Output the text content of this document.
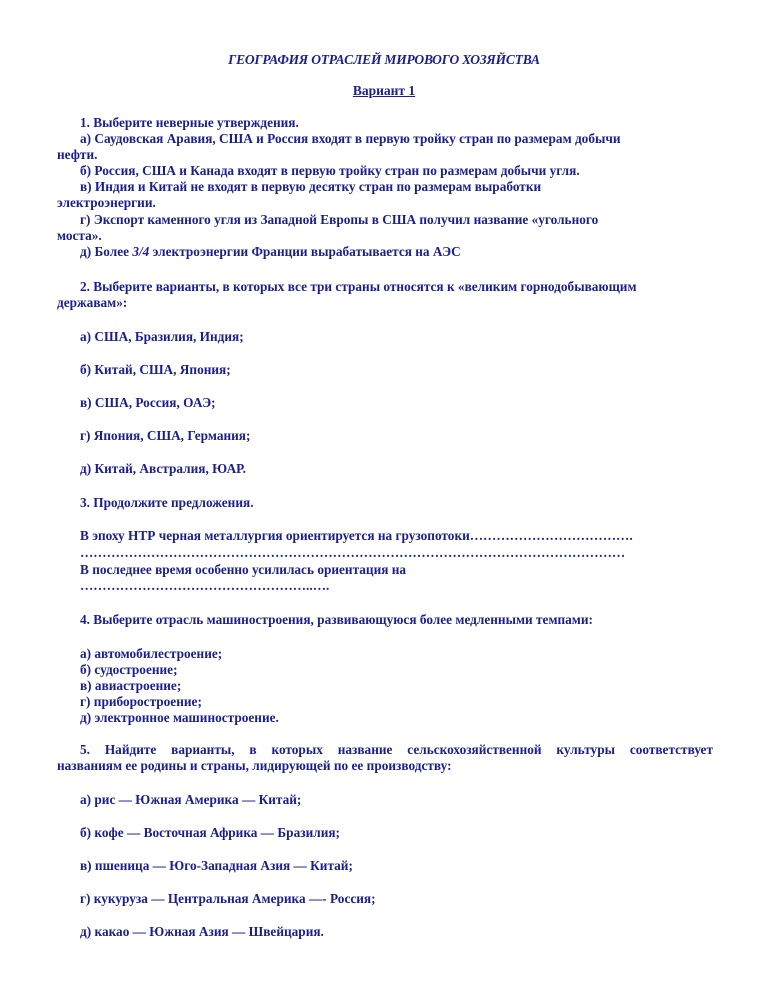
ГЕОГРАФИЯ ОТРАСЛЕЙ МИРОВОГО ХОЗЯЙСТВА
Вариант 1
1. Выберите неверные утверждения.
а) Саудовская Аравия, США и Россия входят в первую тройку стран по размерам добычи
нефти.
б) Россия, США и Канада входят в первую тройку стран по размерам добычи угля.
в) Индия и Китай не входят в первую десятку стран по размерам выработки
электроэнергии.
г) Экспорт каменного угля из Западной Европы в США получил название «угольного
моста».
д) Более 3/4 электроэнергии Франции вырабатывается на АЭС
2. Выберите варианты, в которых все три страны относятся к «великим горнодобывающим
державам»:
а) США, Бразилия, Индия;
б) Китай, США, Япония;
в) США, Россия, ОАЭ;
г) Япония, США, Германия;
д) Китай, Австралия, ЮАР.
3. Продолжите предложения.
В эпоху НТР черная металлургия ориентируется на грузопотоки……………………………….
……………………………………………………………………………………………………………
В последнее время особенно усилилась ориентация на
……………………………………………..….
4. Выберите отрасль машиностроения, развивающуюся более медленными темпами:
а) автомобилестроение;
б) судостроение;
в) авиастроение;
г) приборостроение;
д) электронное машиностроение.
5. Найдите варианты, в которых название сельскохозяйственной культуры соответствует
названиям ее родины и страны, лидирующей по ее производству:
а) рис — Южная Америка — Китай;
б) кофе — Восточная Африка — Бразилия;
в) пшеница — Юго-Западная Азия — Китай;
г) кукуруза — Центральная Америка —- Россия;
д) какао — Южная Азия — Швейцария.
